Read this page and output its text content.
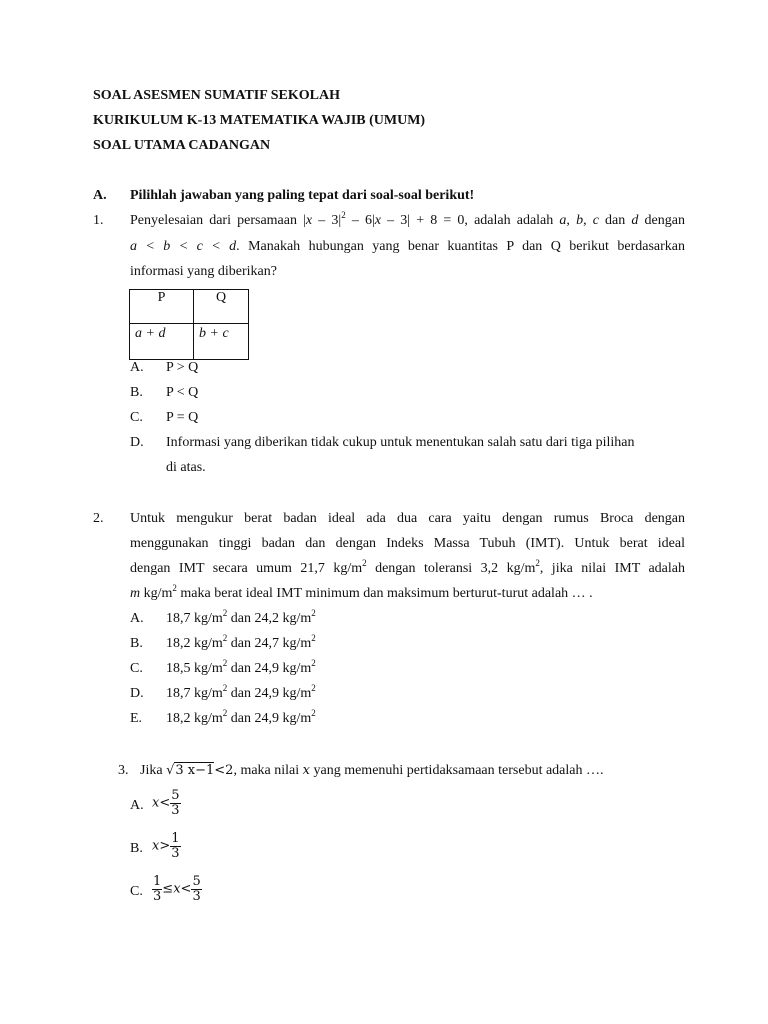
SOAL ASESMEN SUMATIF SEKOLAH
KURIKULUM K-13 MATEMATIKA WAJIB (UMUM)
SOAL UTAMA CADANGAN
A. Pilihlah jawaban yang paling tepat dari soal-soal berikut!
1. Penyelesaian dari persamaan $|x - 3|^2 - 6|x - 3| + 8 = 0$, adalah adalah a, b, c dan d dengan
a < b < c < d. Manakah hubungan yang benar kuantitas P dan Q berikut berdasarkan
informasi yang diberikan?
P	Q
a + d	b + c
A. P > Q
B. P < Q
C. P = Q
D. Informasi yang diberikan tidak cukup untuk menentukan salah satu dari tiga pilihan
di atas.
2. Untuk mengukur berat badan ideal ada dua cara yaitu dengan rumus Broca dengan
menggunakan tinggi badan dan dengan Indeks Massa Tubuh (IMT). Untuk berat ideal
dengan IMT secara umum 21,7 $kg/m^2$ dengan toleransi 3,2 $kg/m^2$, jika nilai IMT adalah
m $kg/m^2$ maka berat ideal IMT minimum dan maksimum berturut-turut adalah … .
A. 18,7 $kg/m^2$ dan 24,2 $kg/m^2$
B. 18,2 $kg/m^2$ dan 24,7 $kg/m^2$
C. 18,5 $kg/m^2$ dan 24,9 $kg/m^2$
D. 18,7 $kg/m^2$ dan 24,9 $kg/m^2$
E. 18,2 $kg/m^2$ dan 24,9 $kg/m^2$
3. Jika √3 x−1<2, maka nilai x yang memenuhi pertidaksamaan tersebut adalah ….
A. $x< \frac{5}{3}$
B. $x> \frac{1}{3}$
C. $\frac{1}{3} \le x< \frac{5}{3}$
